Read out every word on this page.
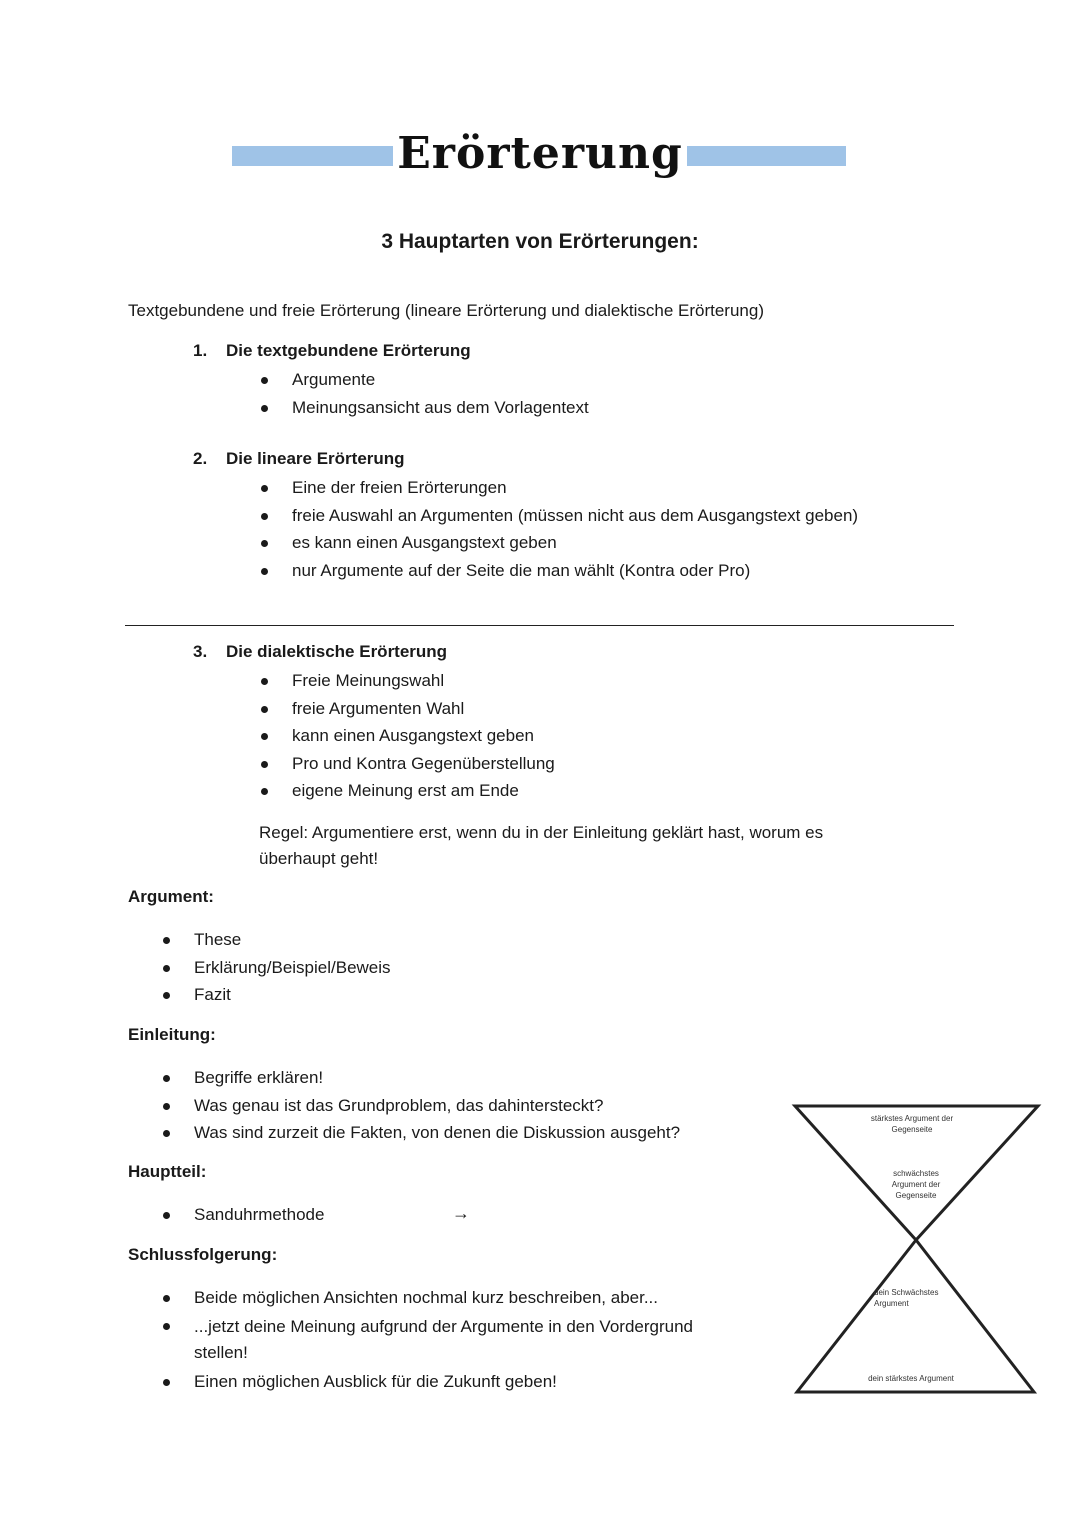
Erörterung
3 Hauptarten von Erörterungen:
Textgebundene und freie Erörterung (lineare Erörterung und dialektische Erörterung)
1. Die textgebundene Erörterung
Argumente
Meinungsansicht aus dem Vorlagentext
2. Die lineare Erörterung
Eine der freien Erörterungen
freie Auswahl an Argumenten (müssen nicht aus dem Ausgangstext geben)
es kann einen Ausgangstext geben
nur Argumente auf der Seite die man wählt (Kontra oder Pro)
3. Die dialektische Erörterung
Freie Meinungswahl
freie Argumenten Wahl
kann einen Ausgangstext geben
Pro und Kontra Gegenüberstellung
eigene Meinung erst am Ende
Regel: Argumentiere erst, wenn du in der Einleitung geklärt hast, worum es überhaupt geht!
Argument:
These
Erklärung/Beispiel/Beweis
Fazit
Einleitung:
Begriffe erklären!
Was genau ist das Grundproblem, das dahintersteckt?
Was sind zurzeit die Fakten, von denen die Diskussion ausgeht?
Hauptteil:
Sanduhrmethode	→
Schlussfolgerung:
Beide möglichen Ansichten nochmal kurz beschreiben, aber...
...jetzt deine Meinung aufgrund der Argumente in den Vordergrund stellen!
Einen möglichen Ausblick für die Zukunft geben!
stärkstes Argument der Gegenseite
schwächstes Argument der Gegenseite
dein Schwächstes Argument
dein stärkstes Argument
